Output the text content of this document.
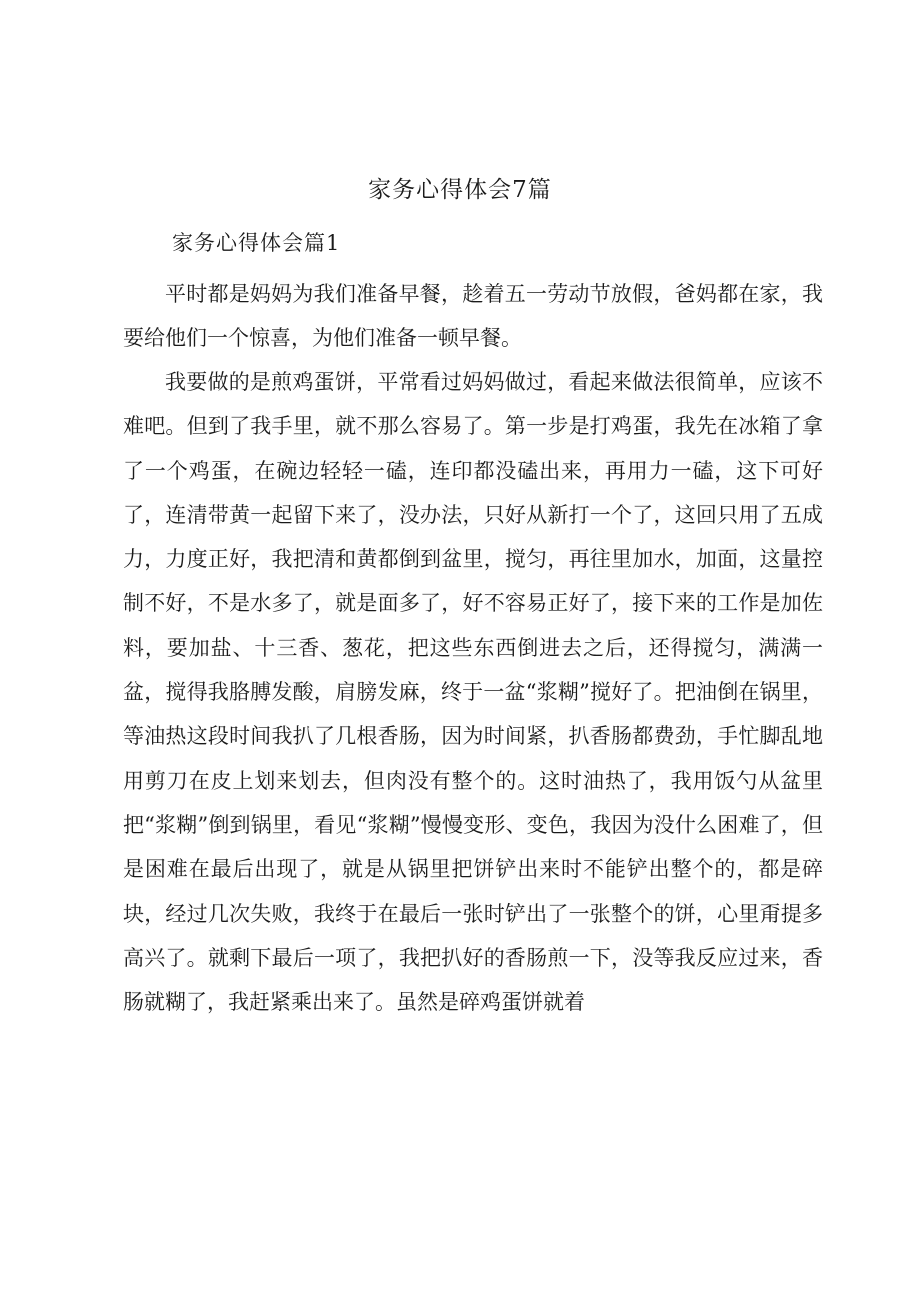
家务心得体会7篇
家务心得体会篇1

平时都是妈妈为我们准备早餐，趁着五一劳动节放假，爸妈都在家，我要给他们一个惊喜，为他们准备一顿早餐。

我要做的是煎鸡蛋饼，平常看过妈妈做过，看起来做法很简单，应该不难吧。但到了我手里，就不那么容易了。第一步是打鸡蛋，我先在冰箱了拿了一个鸡蛋，在碗边轻轻一磕，连印都没磕出来，再用力一磕，这下可好了，连清带黄一起留下来了，没办法，只好从新打一个了，这回只用了五成力，力度正好，我把清和黄都倒到盆里，搅匀，再往里加水，加面，这量控制不好，不是水多了，就是面多了，好不容易正好了，接下来的工作是加佐料，要加盐、十三香、葱花，把这些东西倒进去之后，还得搅匀，满满一盆，搅得我胳膊发酸，肩膀发麻，终于一盆“浆糊”搅好了。把油倒在锅里，等油热这段时间我扒了几根香肠，因为时间紧，扒香肠都费劲，手忙脚乱地用剪刀在皮上划来划去，但肉没有整个的。这时油热了，我用饭勺从盆里把“浆糊”倒到锅里，看见“浆糊”慢慢变形、变色，我因为没什么困难了，但是困难在最后出现了，就是从锅里把饼铲出来时不能铲出整个的，都是碎块，经过几次失败，我终于在最后一张时铲出了一张整个的饼，心里甭提多高兴了。就剩下最后一项了，我把扒好的香肠煎一下，没等我反应过来，香肠就糊了，我赶紧乘出来了。虽然是碎鸡蛋饼就着
